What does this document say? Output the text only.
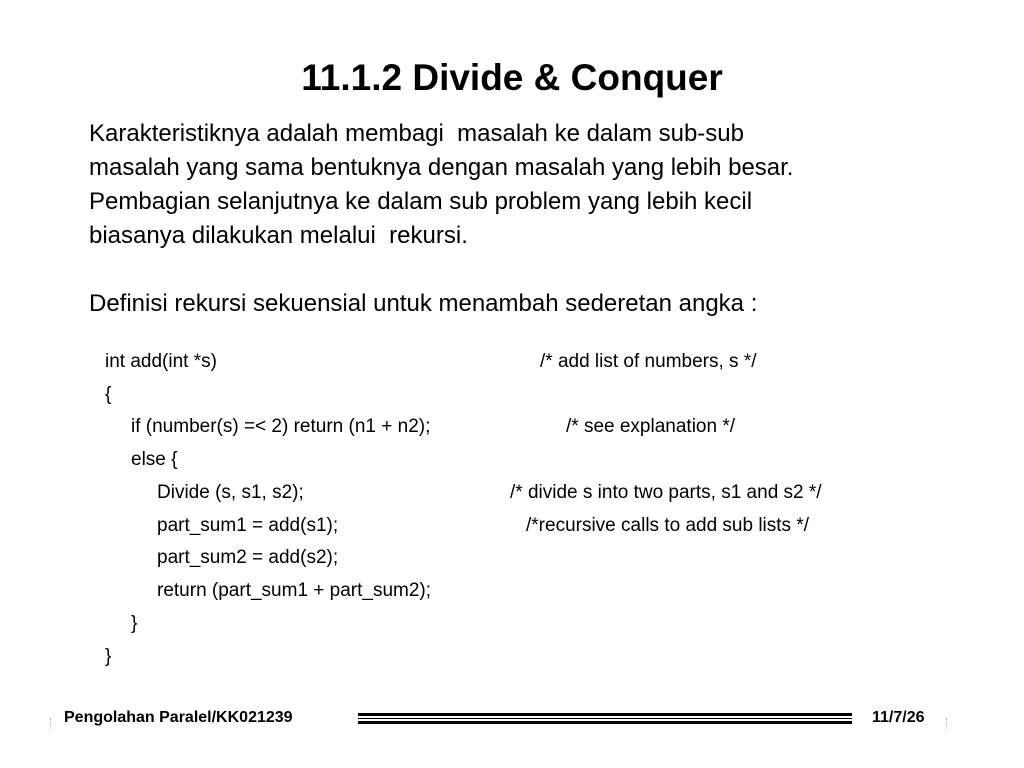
11.1.2 Divide & Conquer

Karakteristiknya adalah membagi  masalah ke dalam sub-sub

masalah yang sama bentuknya dengan masalah yang lebih besar.

Pembagian selanjutnya ke dalam sub problem yang lebih kecil

biasanya dilakukan melalui  rekursi.

Definisi rekursi sekuensial untuk menambah sederetan angka :
int add(int *s)	/* add list of numbers, s */
{
if (number(s) =< 2) return (n1 + n2);	/* see explanation */
else {
Divide (s, s1, s2);	/* divide s into two parts, s1 and s2 */
part_sum1 = add(s1);	/*recursive calls to add sub lists */
part_sum2 = add(s2);
return (part_sum1 + part_sum2);
}
}
Pengolahan Paralel/KK021239	11/7/26
